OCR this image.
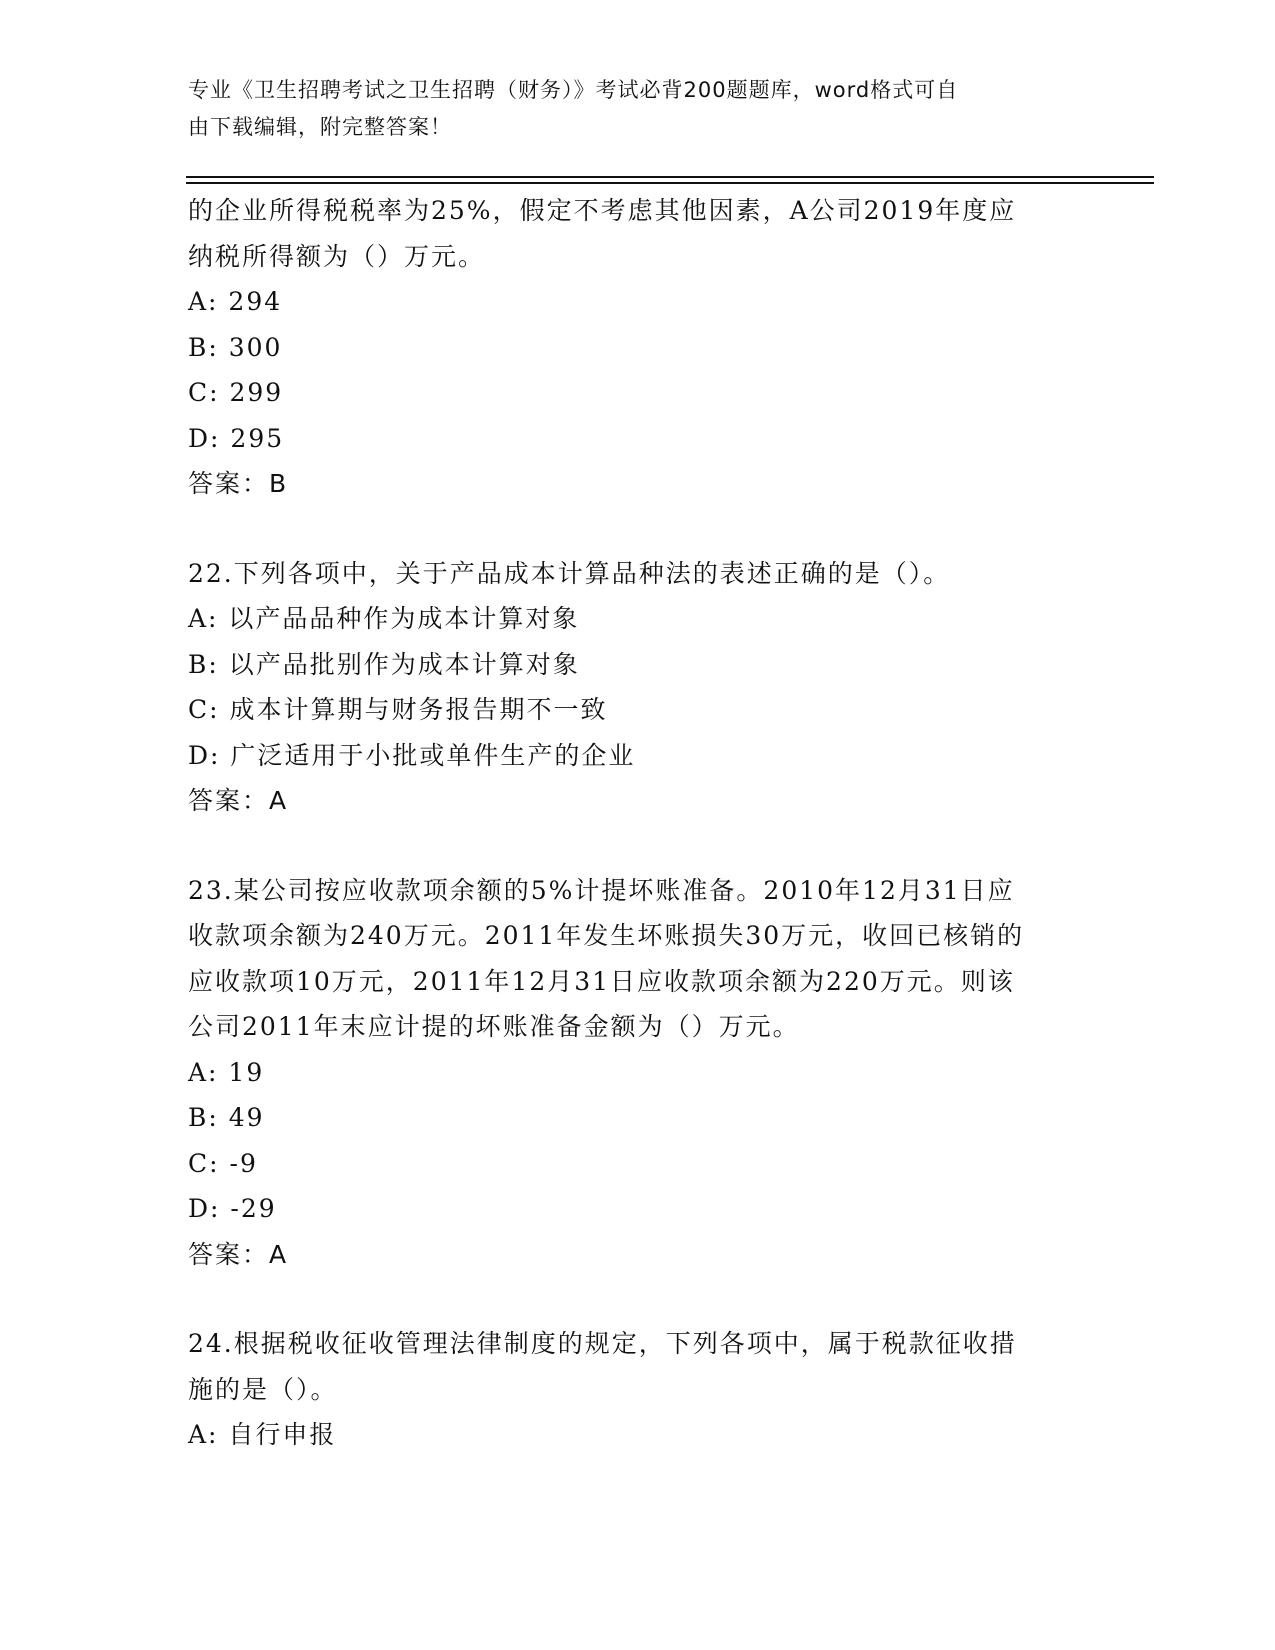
专业《卫生招聘考试之卫生招聘（财务）》考试必背200题题库，word格式可自
由下载编辑，附完整答案！
的企业所得税税率为25%，假定不考虑其他因素，A公司2019年度应
纳税所得额为（）万元。
A: 294
B: 300
C: 299
D: 295
答案：B
22.下列各项中，关于产品成本计算品种法的表述正确的是（）。
A: 以产品品种作为成本计算对象
B: 以产品批别作为成本计算对象
C: 成本计算期与财务报告期不一致
D: 广泛适用于小批或单件生产的企业
答案：A
23.某公司按应收款项余额的5%计提坏账准备。2010年12月31日应
收款项余额为240万元。2011年发生坏账损失30万元，收回已核销的
应收款项10万元，2011年12月31日应收款项余额为220万元。则该
公司2011年末应计提的坏账准备金额为（）万元。
A: 19
B: 49
C: -9
D: -29
答案：A
24.根据税收征收管理法律制度的规定，下列各项中，属于税款征收措
施的是（）。
A: 自行申报
